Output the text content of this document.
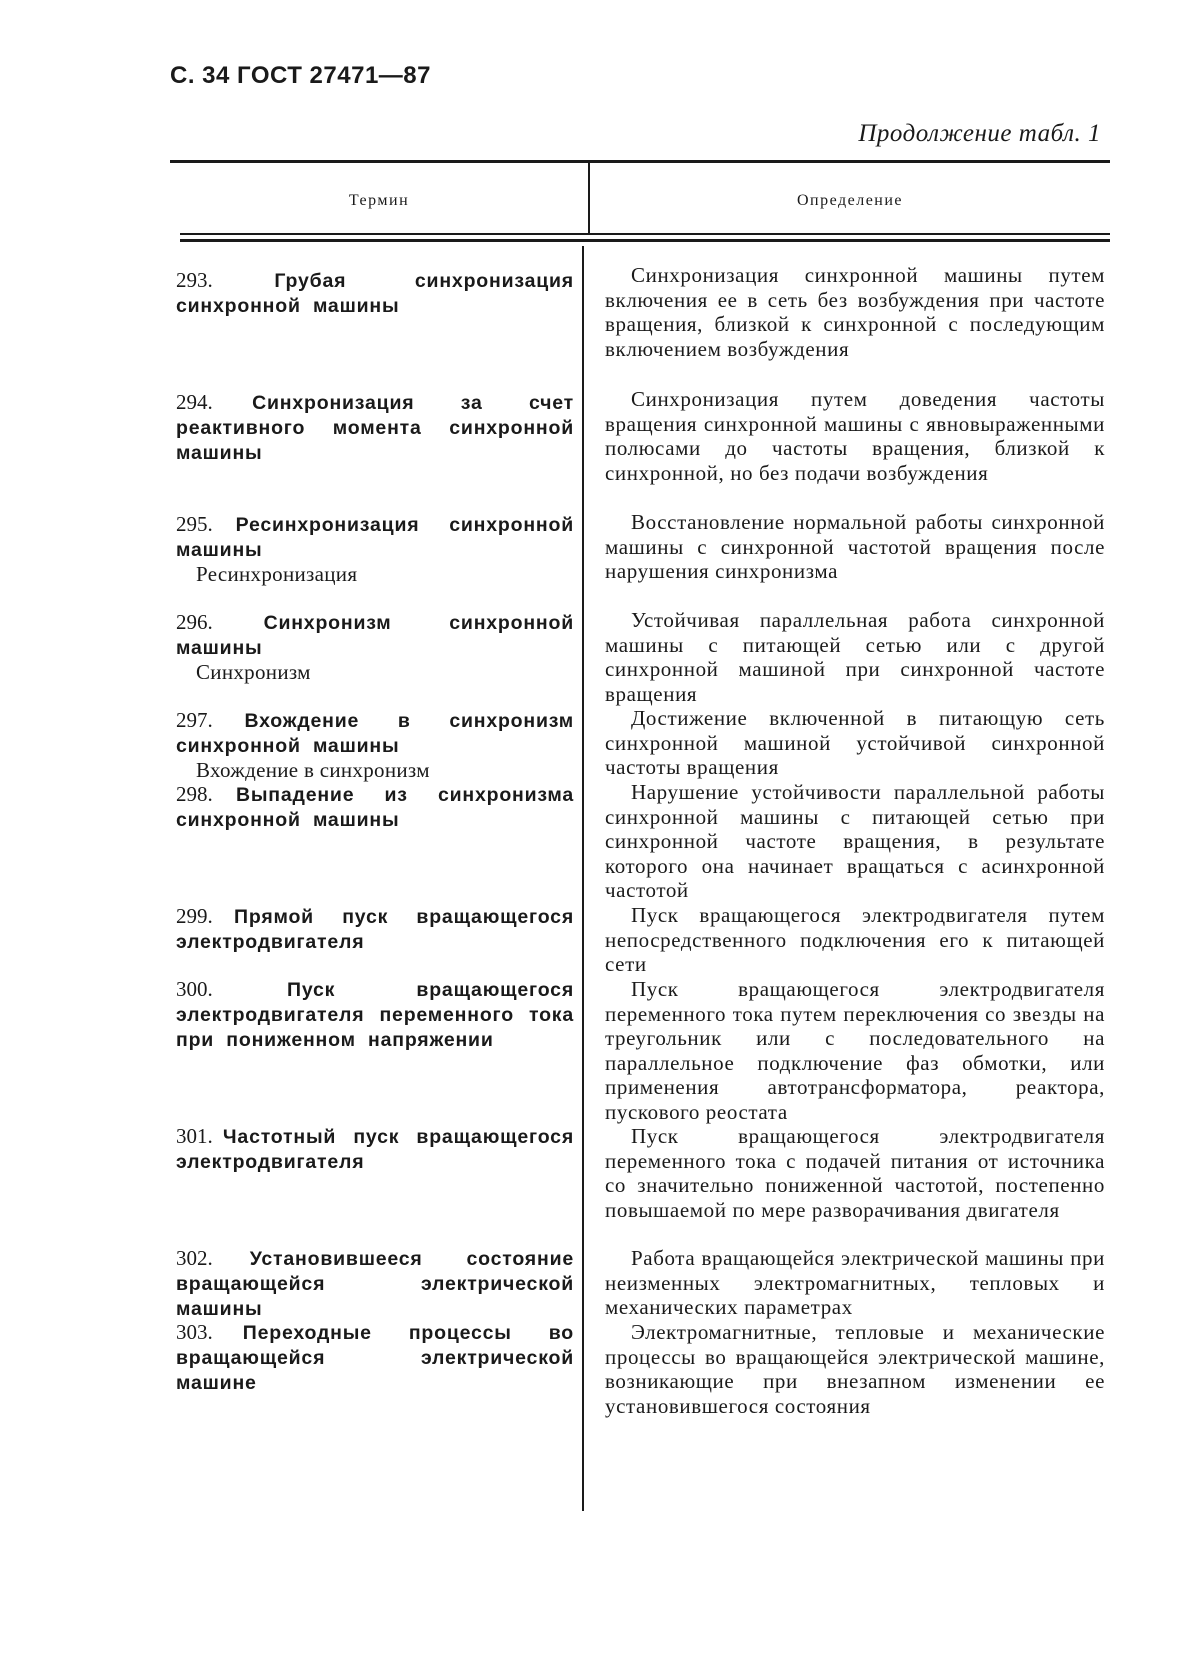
С. 34 ГОСТ 27471—87
Продолжение табл. 1
Термин	Определение
293.	Грубая синхронизация синхронной машины
Синхронизация синхронной машины путем включения ее в сеть без возбуждения при частоте вращения, близкой к синхронной с последующим включением возбуждения
294. Синхронизация за счет реактивного момента синхронной машины
Синхронизация путем доведения частоты вращения синхронной машины с явновыраженными полюсами до частоты вращения, близкой к синхронной, но без подачи возбуждения
295. Ресинхронизация синхронной машины
Ресинхронизация
Восстановление нормальной работы синхронной машины с синхронной частотой вращения после нарушения синхронизма
296.	Синхронизм синхронной машины
Синхронизм
Устойчивая параллельная работа синхронной машины с питающей сетью или с другой синхронной машиной при синхронной частоте вращения
297. Вхождение в синхронизм синхронной машины
Вхождение в синхронизм
Достижение включенной в питающую сеть синхронной машиной устойчивой синхронной частоты вращения
298. Выпадение из синхронизма синхронной машины
Нарушение устойчивости параллельной работы синхронной машины с питающей сетью при синхронной частоте вращения, в результате которого она начинает вращаться с асинхронной частотой
299. Прямой пуск вращающегося электродвигателя
Пуск вращающегося электродвигателя путем непосредственного подключения его к питающей сети
300.	Пуск вращающегося электродвигателя переменного тока при пониженном напряжении
Пуск вращающегося электродвигателя переменного тока путем переключения со звезды на треугольник или с последовательного на параллельное подключение фаз обмотки, или применения автотрансформатора, реактора, пускового реостата
301. Частотный пуск вращающегося электродвигателя
Пуск вращающегося электродвигателя переменного тока с подачей питания от источника со значительно пониженной частотой, постепенно повышаемой по мере разворачивания двигателя
302. Установившееся состояние вращающейся электрической машины
Работа вращающейся электрической машины при неизменных электромагнитных, тепловых и механических параметрах
303. Переходные процессы во вращающейся электрической машине
Электромагнитные, тепловые и механические процессы во вращающейся электрической машине, возникающие при внезапном изменении ее установившегося состояния
